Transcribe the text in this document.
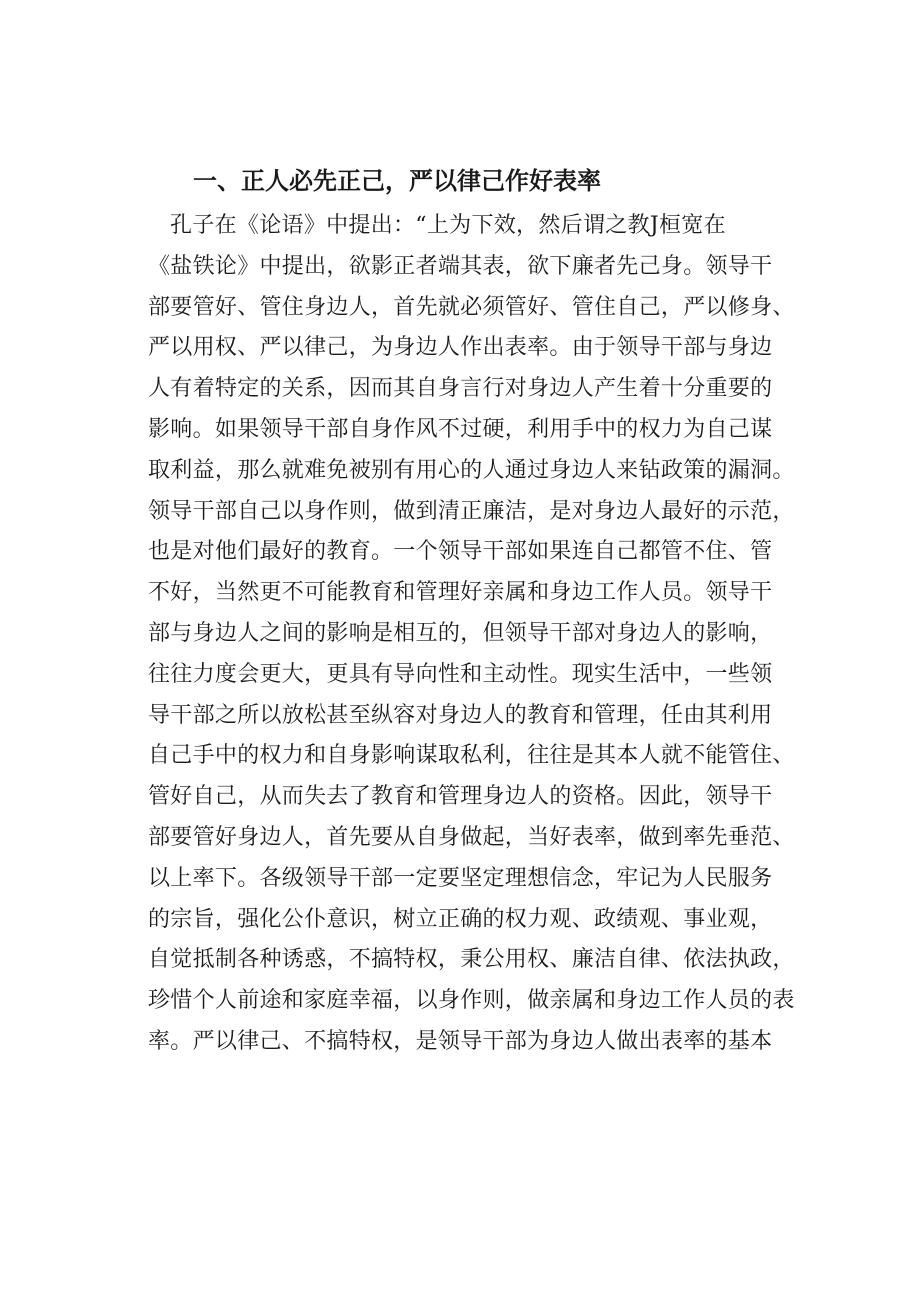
一、正人必先正己，严以律己作好表率
孔子在《论语》中提出：“上为下效，然后谓之教J桓宽在
《盐铁论》中提出，欲影正者端其表，欲下廉者先己身。领导干
部要管好、管住身边人，首先就必须管好、管住自己，严以修身、
严以用权、严以律己，为身边人作出表率。由于领导干部与身边
人有着特定的关系，因而其自身言行对身边人产生着十分重要的
影响。如果领导干部自身作风不过硬，利用手中的权力为自己谋
取利益，那么就难免被别有用心的人通过身边人来钻政策的漏洞。
领导干部自己以身作则，做到清正廉洁，是对身边人最好的示范，
也是对他们最好的教育。一个领导干部如果连自己都管不住、管
不好，当然更不可能教育和管理好亲属和身边工作人员。领导干
部与身边人之间的影响是相互的，但领导干部对身边人的影响，
往往力度会更大，更具有导向性和主动性。现实生活中，一些领
导干部之所以放松甚至纵容对身边人的教育和管理，任由其利用
自己手中的权力和自身影响谋取私利，往往是其本人就不能管住、
管好自己，从而失去了教育和管理身边人的资格。因此，领导干
部要管好身边人，首先要从自身做起，当好表率，做到率先垂范、
以上率下。各级领导干部一定要坚定理想信念，牢记为人民服务
的宗旨，强化公仆意识，树立正确的权力观、政绩观、事业观，
自觉抵制各种诱惑，不搞特权，秉公用权、廉洁自律、依法执政，
珍惜个人前途和家庭幸福，以身作则，做亲属和身边工作人员的表
率。严以律己、不搞特权，是领导干部为身边人做出表率的基本
